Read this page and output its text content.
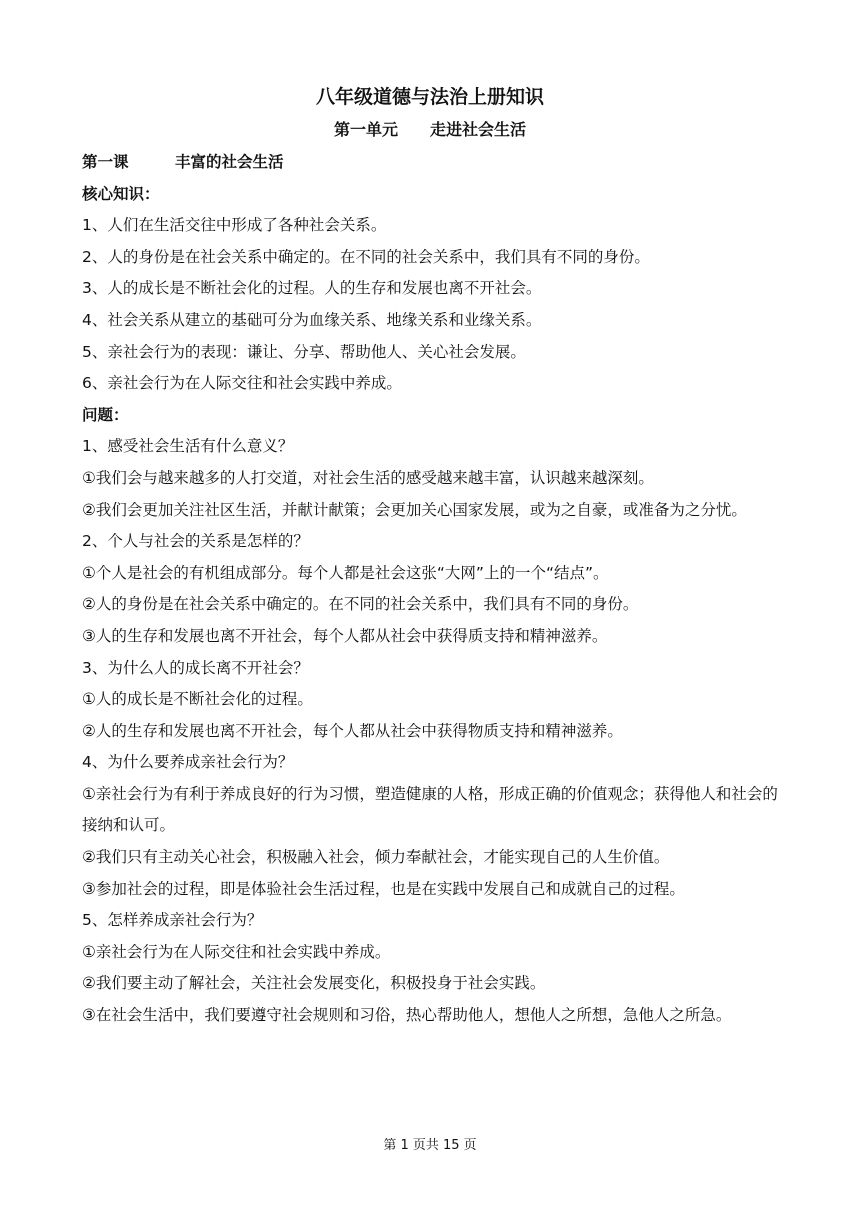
八年级道德与法治上册知识
第一单元　　走进社会生活
第一课　　　丰富的社会生活
核心知识：
1、人们在生活交往中形成了各种社会关系。
2、人的身份是在社会关系中确定的。在不同的社会关系中，我们具有不同的身份。
3、人的成长是不断社会化的过程。人的生存和发展也离不开社会。
4、社会关系从建立的基础可分为血缘关系、地缘关系和业缘关系。
5、亲社会行为的表现：谦让、分享、帮助他人、关心社会发展。
6、亲社会行为在人际交往和社会实践中养成。
问题：
1、感受社会生活有什么意义？
①我们会与越来越多的人打交道，对社会生活的感受越来越丰富，认识越来越深刻。
②我们会更加关注社区生活，并献计献策；会更加关心国家发展，或为之自豪，或准备为之分忧。
2、个人与社会的关系是怎样的？
①个人是社会的有机组成部分。每个人都是社会这张“大网”上的一个“结点”。
②人的身份是在社会关系中确定的。在不同的社会关系中，我们具有不同的身份。
③人的生存和发展也离不开社会，每个人都从社会中获得质支持和精神滋养。
3、为什么人的成长离不开社会？
①人的成长是不断社会化的过程。
②人的生存和发展也离不开社会，每个人都从社会中获得物质支持和精神滋养。
4、为什么要养成亲社会行为？
①亲社会行为有利于养成良好的行为习惯，塑造健康的人格，形成正确的价值观念；获得他人和社会的接纳和认可。
②我们只有主动关心社会，积极融入社会，倾力奉献社会，才能实现自己的人生价值。
③参加社会的过程，即是体验社会生活过程，也是在实践中发展自己和成就自己的过程。
5、怎样养成亲社会行为？
①亲社会行为在人际交往和社会实践中养成。
②我们要主动了解社会，关注社会发展变化，积极投身于社会实践。
③在社会生活中，我们要遵守社会规则和习俗，热心帮助他人，想他人之所想，急他人之所急。
第 1 页共 15 页
